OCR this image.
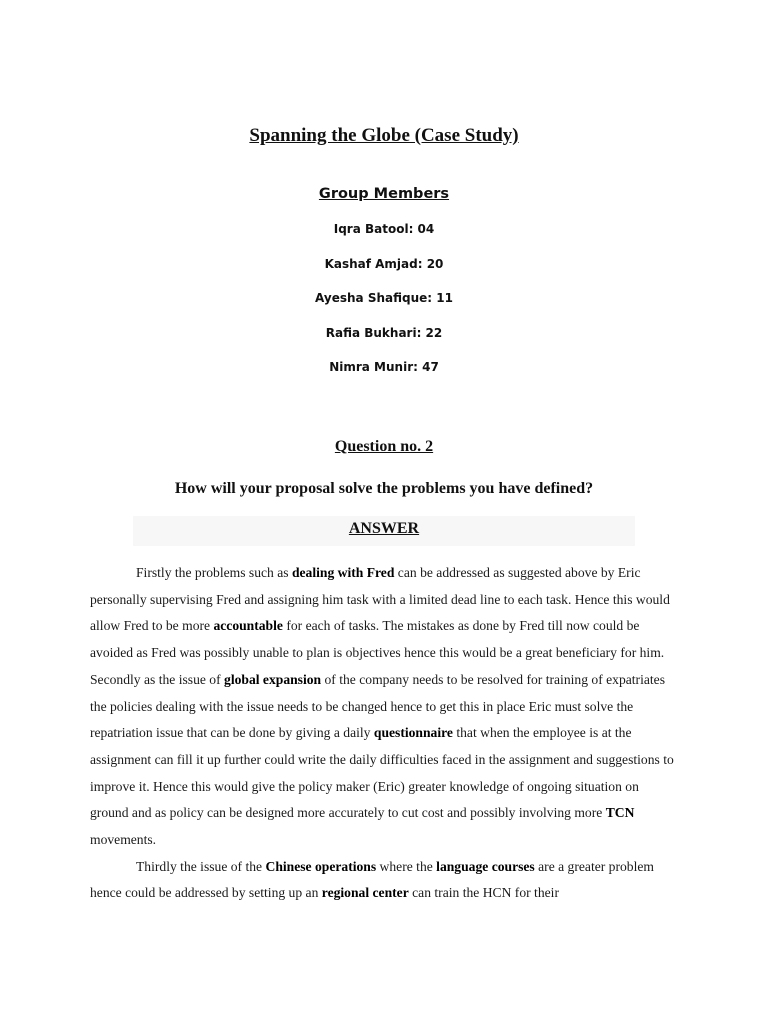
Spanning the Globe (Case Study)
Group Members
Iqra Batool: 04
Kashaf Amjad: 20
Ayesha Shafique: 11
Rafia Bukhari: 22
Nimra Munir: 47
Question no. 2
How will your proposal solve the problems you have defined?
ANSWER

Firstly the problems such as dealing with Fred can be addressed as suggested above by Eric personally supervising Fred and assigning him task with a limited dead line to each task. Hence this would allow Fred to be more accountable for each of tasks. The mistakes as done by Fred till now could be avoided as Fred was possibly unable to plan is objectives hence this would be a great beneficiary for him.

Secondly as the issue of global expansion of the company needs to be resolved for training of expatriates the policies dealing with the issue needs to be changed hence to get this in place Eric must solve the repatriation issue that can be done by giving a daily questionnaire that when the employee is at the assignment can fill it up further could write the daily difficulties faced in the assignment and suggestions to improve it. Hence this would give the policy maker (Eric) greater knowledge of ongoing situation on ground and as policy can be designed more accurately to cut cost and possibly involving more TCN movements.

Thirdly the issue of the Chinese operations where the language courses are a greater problem hence could be addressed by setting up an regional center can train the HCN for their
